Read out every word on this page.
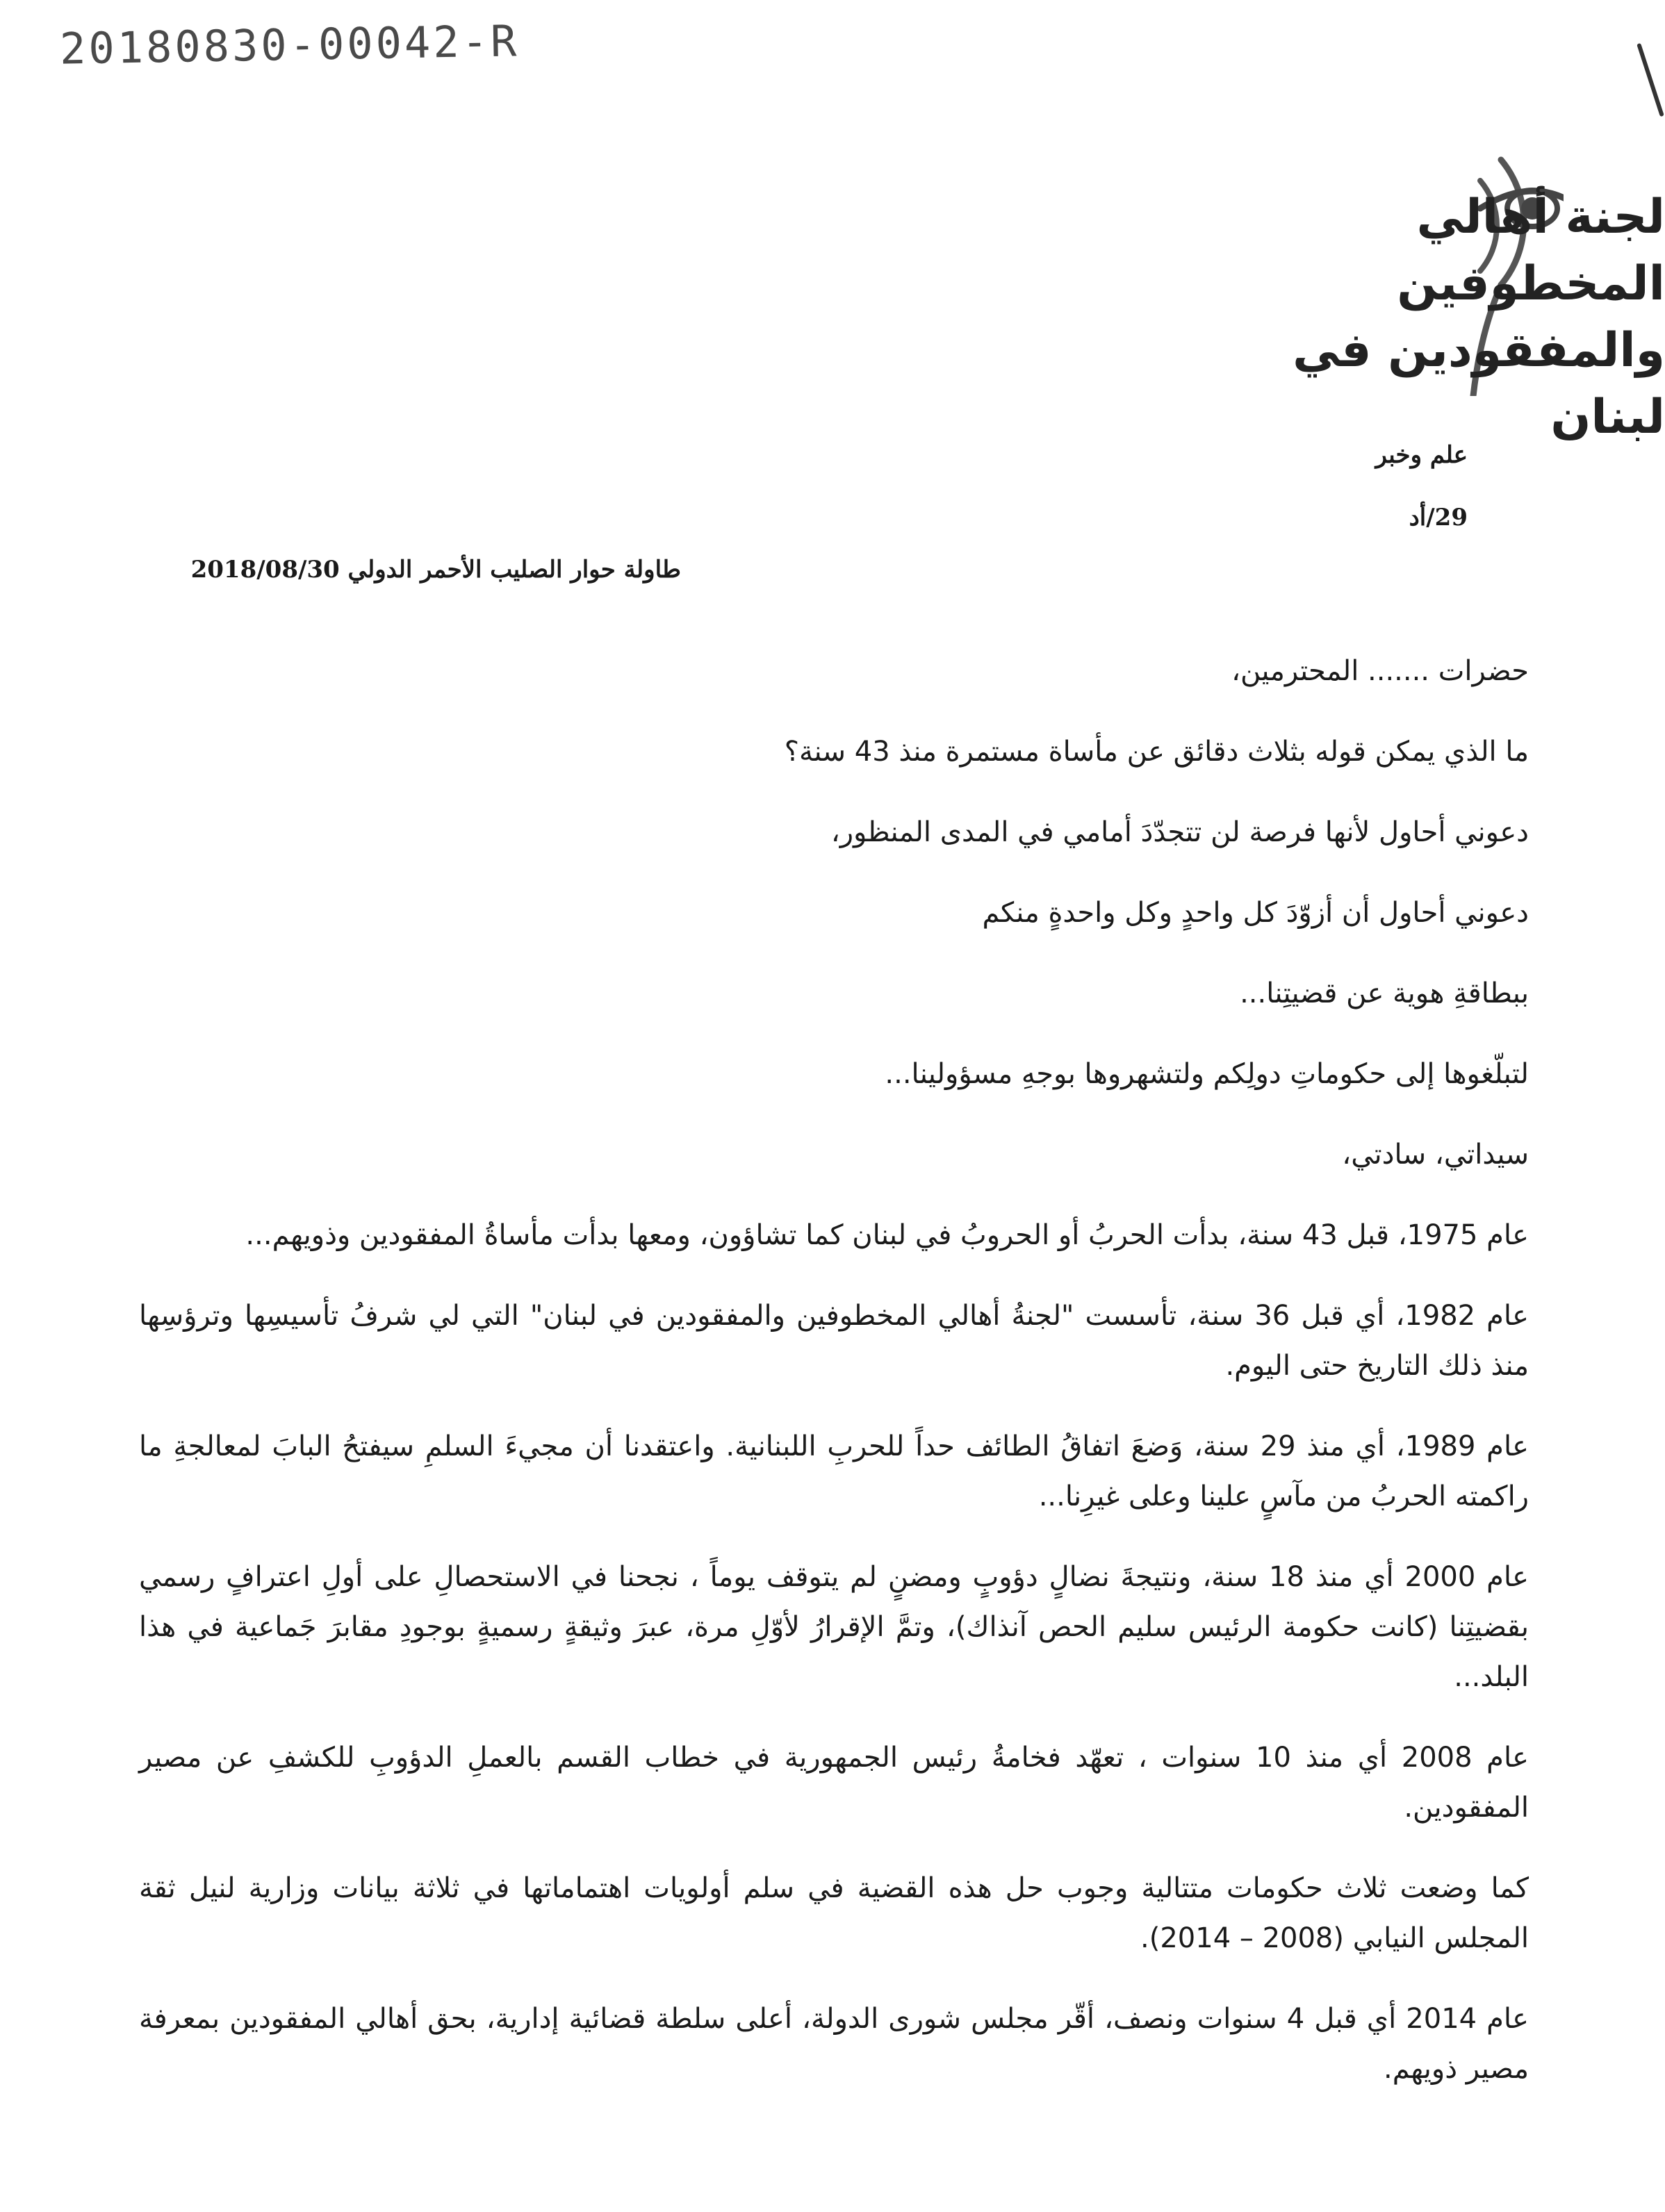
20180830-00042-R
لجنة أهالي المخطوفين
والمفقودين في لبنان
علم وخبر
29/أد
طاولة حوار الصليب الأحمر الدولي 2018/08/30

حضرات ....... المحترمين،

ما الذي يمكن قوله بثلاث دقائق عن مأساة مستمرة منذ 43 سنة؟

دعوني أحاول لأنها فرصة لن تتجدّدَ أمامي في المدى المنظور،

دعوني أحاول أن أزوّدَ كل واحدٍ وكل واحدةٍ منكم

ببطاقةِ هوية عن قضيتِنا...

لتبلّغوها إلى حكوماتِ دولِكم ولتشهروها بوجهِ مسؤولينا...

سيداتي، سادتي،

عام 1975، قبل 43 سنة، بدأت الحربُ أو الحروبُ في لبنان كما تشاؤون، ومعها بدأت مأساةُ المفقودين وذويهم...

عام 1982، أي قبل 36 سنة، تأسست "لجنةُ أهالي المخطوفين والمفقودين في لبنان" التي لي شرفُ تأسيسِها وترؤسِها منذ ذلك التاريخ حتى اليوم.

عام 1989، أي منذ 29 سنة، وَضعَ اتفاقُ الطائف حداً للحربِ اللبنانية. واعتقدنا أن مجيءَ السلمِ سيفتحُ البابَ لمعالجةِ ما راكمته الحربُ من مآسٍ علينا وعلى غيرِنا...

عام 2000 أي منذ 18 سنة، ونتيجةَ نضالٍ دؤوبٍ ومضنٍ لم يتوقف يوماً ، نجحنا في الاستحصالِ على أولِ اعترافٍ رسمي بقضيتِنا (كانت حكومة الرئيس سليم الحص آنذاك)، وتمَّ الإقرارُ لأوّلِ مرة، عبرَ وثيقةٍ رسميةٍ بوجودِ مقابرَ جَماعية في هذا البلد...

عام 2008 أي منذ 10 سنوات ، تعهّد فخامةُ رئيس الجمهورية في خطاب القسم بالعملِ الدؤوبِ للكشفِ عن مصير المفقودين.

كما وضعت ثلاث حكومات متتالية وجوب حل هذه القضية في سلم أولويات اهتماماتها في ثلاثة بيانات وزارية لنيل ثقة المجلس النيابي (2008 – 2014).

عام 2014 أي قبل 4 سنوات ونصف، أقّر مجلس شورى الدولة، أعلى سلطة قضائية إدارية، بحق أهالي المفقودين بمعرفة مصير ذويهم.
